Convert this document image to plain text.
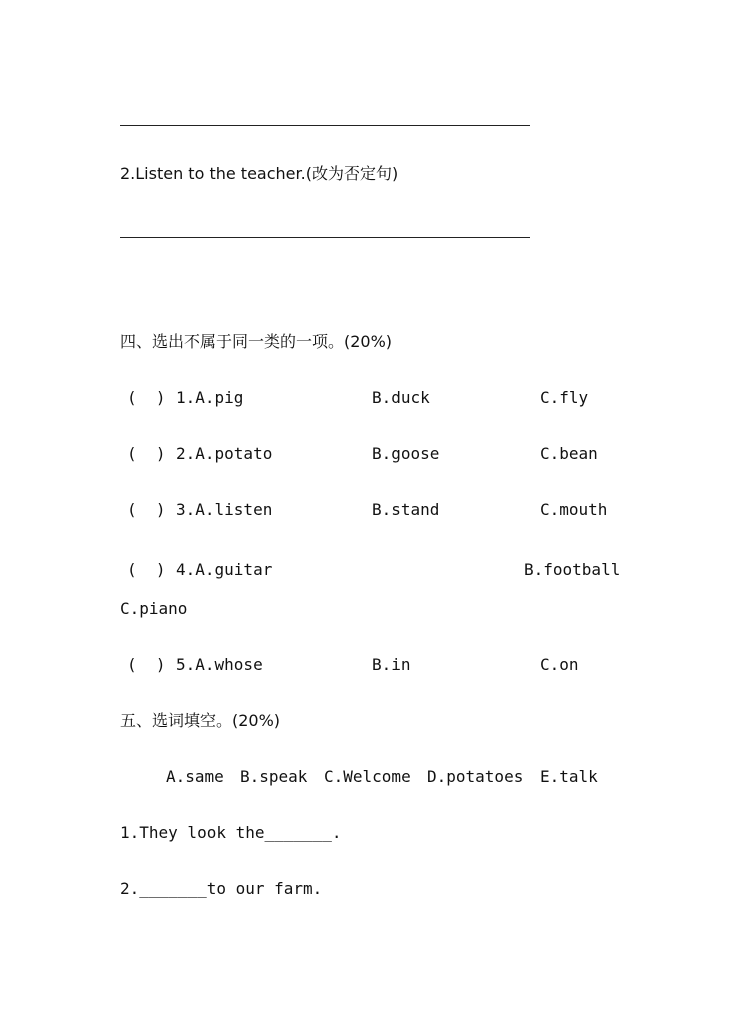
2.Listen to the teacher.(改为否定句)
四、选出不属于同一类的一项。(20%)
(  ) 1.A.pig	B.duck	C.fly
(  ) 2.A.potato	B.goose	C.bean
(  ) 3.A.listen	B.stand	C.mouth
(  ) 4.A.guitar	B.football
C.piano
(  ) 5.A.whose	B.in	C.on
五、选词填空。(20%)
A.same B.speak C.Welcome D.potatoes E.talk
1.They look the_______.
2._______to our farm.
